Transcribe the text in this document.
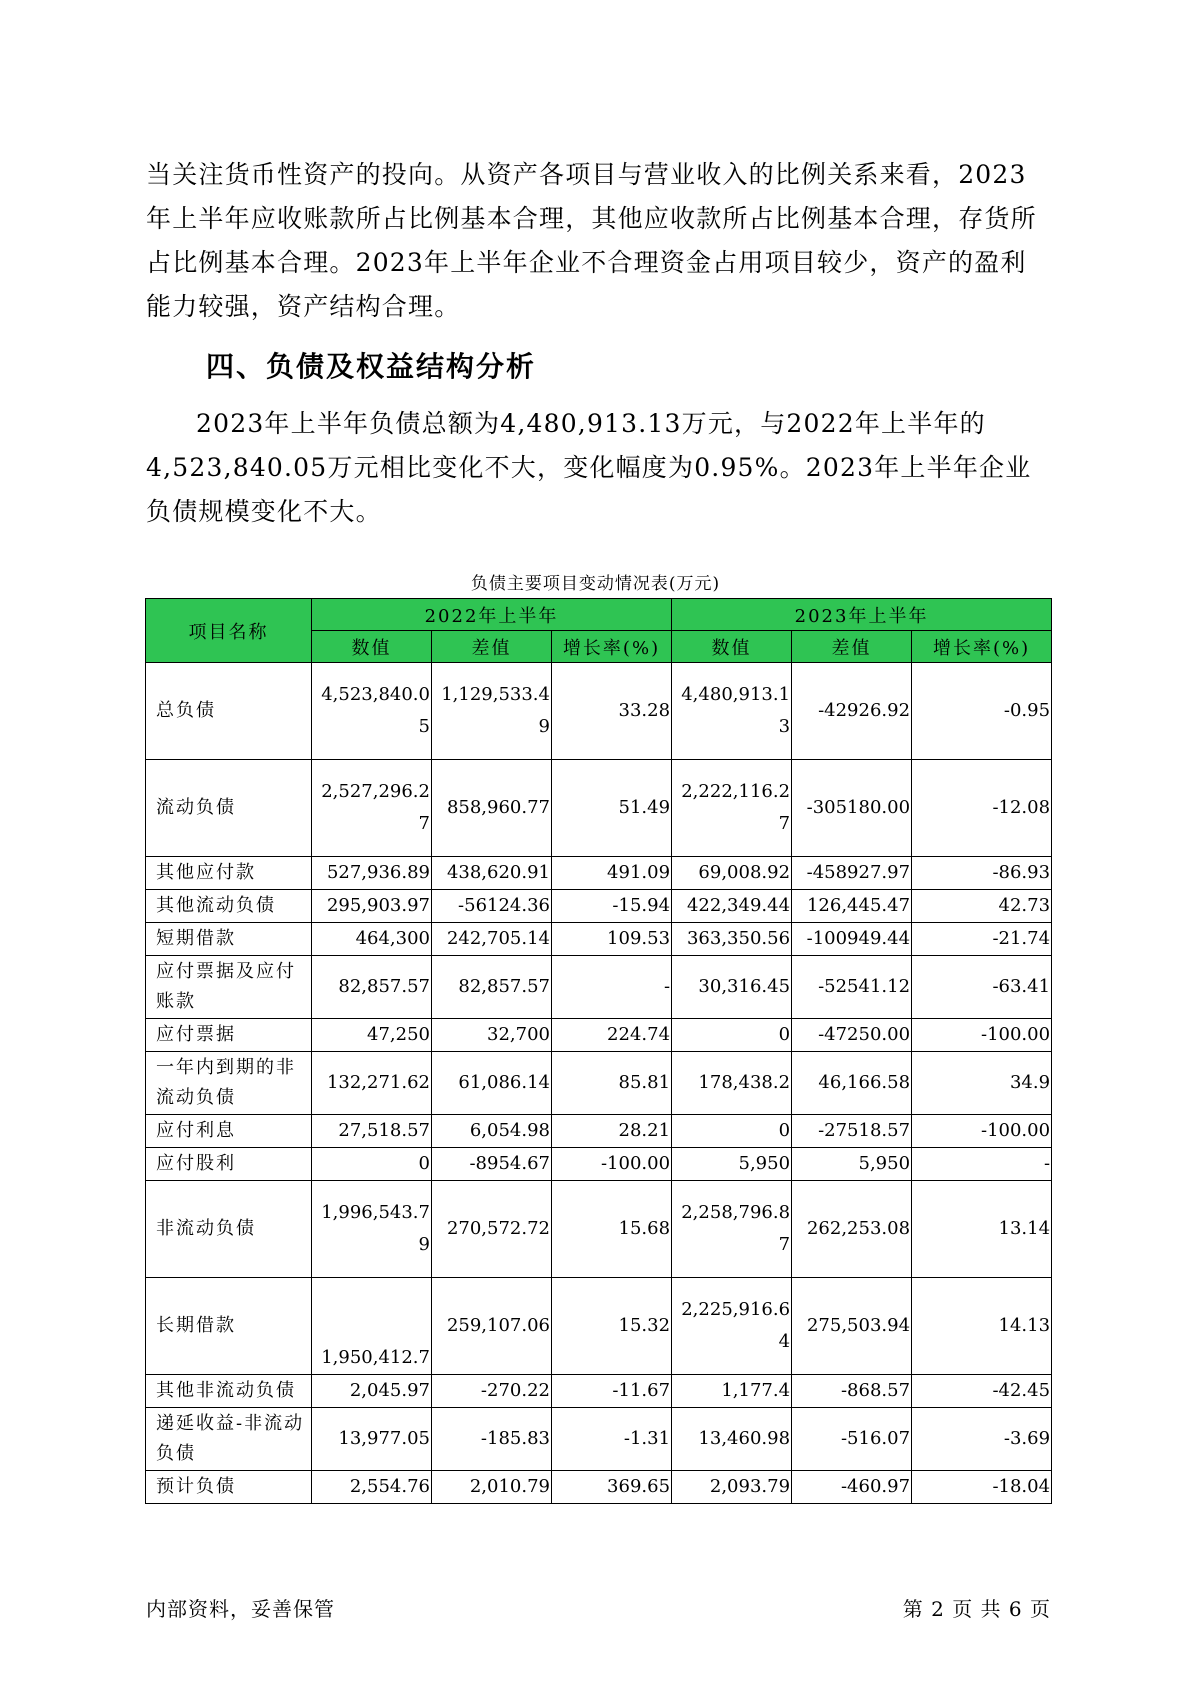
当关注货币性资产的投向。从资产各项目与营业收入的比例关系来看，2023年上半年应收账款所占比例基本合理，其他应收款所占比例基本合理，存货所占比例基本合理。2023年上半年企业不合理资金占用项目较少，资产的盈利能力较强，资产结构合理。

四、负债及权益结构分析

2023年上半年负债总额为4,480,913.13万元，与2022年上半年的4,523,840.05万元相比变化不大，变化幅度为0.95%。2023年上半年企业负债规模变化不大。

负债主要项目变动情况表(万元)

项目名称	2022年上半年			2023年上半年		
	数值	差值	增长率(%)	数值	差值	增长率(%)
总负债	4,523,840.05	1,129,533.49	33.28	4,480,913.13	-42926.92	-0.95
流动负债	2,527,296.27	858,960.77	51.49	2,222,116.27	-305180.00	-12.08
其他应付款	527,936.89	438,620.91	491.09	69,008.92	-458927.97	-86.93
其他流动负债	295,903.97	-56124.36	-15.94	422,349.44	126,445.47	42.73
短期借款	464,300	242,705.14	109.53	363,350.56	-100949.44	-21.74
应付票据及应付账款	82,857.57	82,857.57	-	30,316.45	-52541.12	-63.41
应付票据	47,250	32,700	224.74	0	-47250.00	-100.00
一年内到期的非流动负债	132,271.62	61,086.14	85.81	178,438.2	46,166.58	34.9
应付利息	27,518.57	6,054.98	28.21	0	-27518.57	-100.00
应付股利	0	-8954.67	-100.00	5,950	5,950	-
非流动负债	1,996,543.79	270,572.72	15.68	2,258,796.87	262,253.08	13.14
长期借款	1,950,412.7	259,107.06	15.32	2,225,916.64	275,503.94	14.13
其他非流动负债	2,045.97	-270.22	-11.67	1,177.4	-868.57	-42.45
递延收益-非流动负债	13,977.05	-185.83	-1.31	13,460.98	-516.07	-3.69
预计负债	2,554.76	2,010.79	369.65	2,093.79	-460.97	-18.04

内部资料，妥善保管	第 2 页 共 6 页
